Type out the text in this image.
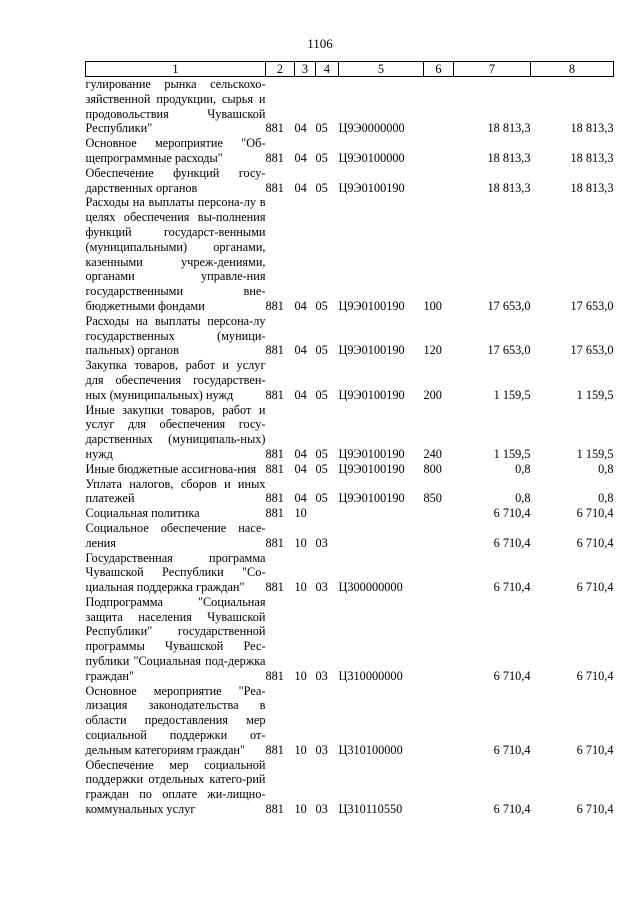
1106
1	2	3	4	5	6	7	8
гулирование рынка сельскохо-зяйственной продукции, сырья и продовольствия Чувашской Республики"	881	04	05	Ц9Э0000000		18 813,3	18 813,3
Основное мероприятие "Об-щепрограммные расходы"	881	04	05	Ц9Э0100000		18 813,3	18 813,3
Обеспечение функций госу-дарственных органов	881	04	05	Ц9Э0100190		18 813,3	18 813,3
Расходы на выплаты персона-лу в целях обеспечения вы-полнения функций государст-венными (муниципальными) органами, казенными учреж-дениями, органами управле-ния государственными вне-бюджетными фондами	881	04	05	Ц9Э0100190	100	17 653,0	17 653,0
Расходы на выплаты персона-лу государственных (муници-пальных) органов	881	04	05	Ц9Э0100190	120	17 653,0	17 653,0
Закупка товаров, работ и услуг для обеспечения государствен-ных (муниципальных) нужд	881	04	05	Ц9Э0100190	200	1 159,5	1 159,5
Иные закупки товаров, работ и услуг для обеспечения госу-дарственных (муниципаль-ных) нужд	881	04	05	Ц9Э0100190	240	1 159,5	1 159,5
Иные бюджетные ассигнова-ния	881	04	05	Ц9Э0100190	800	0,8	0,8
Уплата налогов, сборов и иных платежей	881	04	05	Ц9Э0100190	850	0,8	0,8
Социальная политика	881	10				6 710,4	6 710,4
Социальное обеспечение насе-ления	881	10	03			6 710,4	6 710,4
Государственная программа Чувашской Республики "Со-циальная поддержка граждан"	881	10	03	Ц300000000		6 710,4	6 710,4
Подпрограмма "Социальная защита населения Чувашской Республики" государственной программы Чувашской Рес-публики "Социальная под-держка граждан"	881	10	03	Ц310000000		6 710,4	6 710,4
Основное мероприятие "Реа-лизация законодательства в области предоставления мер социальной поддержки от-дельным категориям граждан"	881	10	03	Ц310100000		6 710,4	6 710,4
Обеспечение мер социальной поддержки отдельных катего-рий граждан по оплате жи-лищно-коммунальных услуг	881	10	03	Ц310110550		6 710,4	6 710,4
